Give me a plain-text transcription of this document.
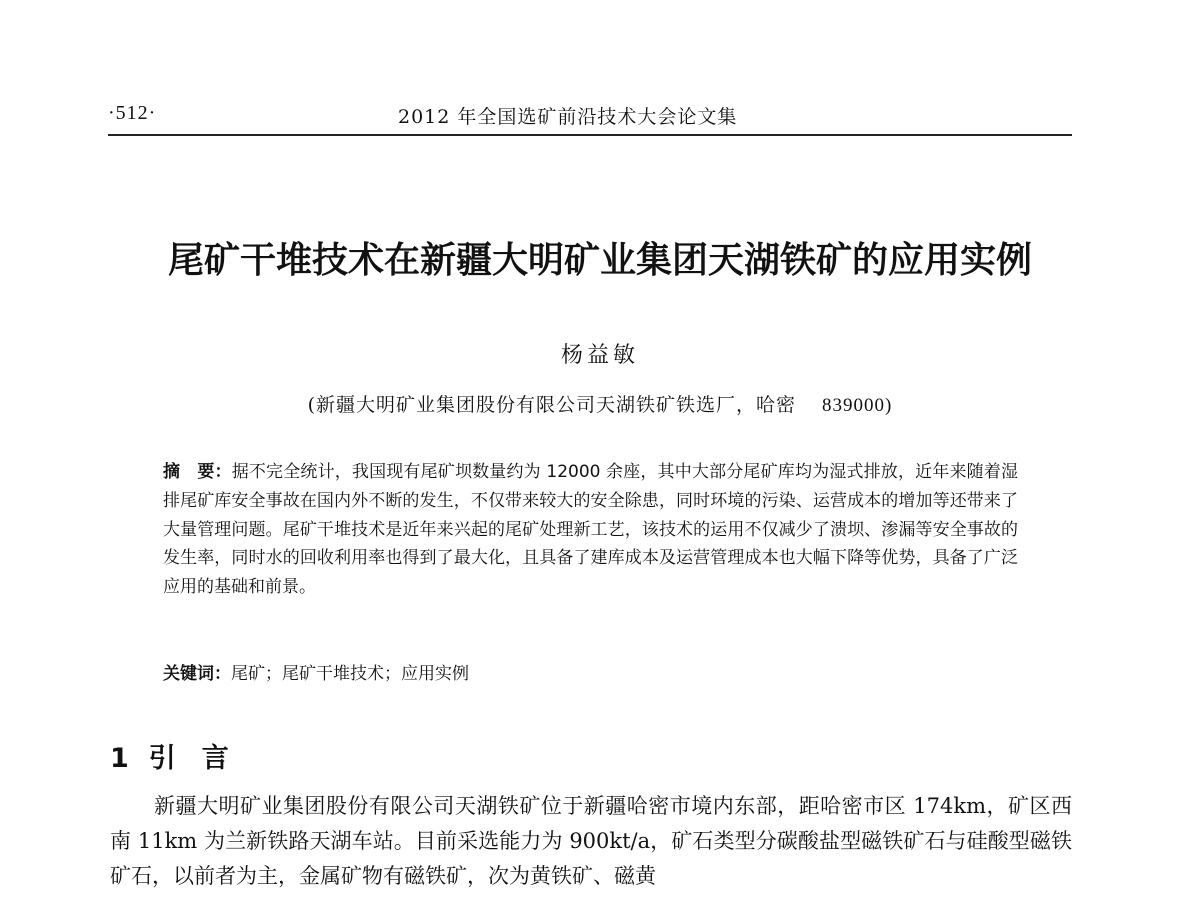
·512·	2012 年全国选矿前沿技术大会论文集
尾矿干堆技术在新疆大明矿业集团天湖铁矿的应用实例
杨益敏
(新疆大明矿业集团股份有限公司天湖铁矿铁选厂，哈密 839000)
摘　要：据不完全统计，我国现有尾矿坝数量约为 12000 余座，其中大部分尾矿库均为湿式排放，近年来随着湿排尾矿库安全事故在国内外不断的发生，不仅带来较大的安全除患，同时环境的污染、运营成本的增加等还带来了大量管理问题。尾矿干堆技术是近年来兴起的尾矿处理新工艺，该技术的运用不仅减少了溃坝、渗漏等安全事故的发生率，同时水的回收利用率也得到了最大化，且具备了建库成本及运营管理成本也大幅下降等优势，具备了广泛应用的基础和前景。
关键词：尾矿；尾矿干堆技术；应用实例
1 引言
新疆大明矿业集团股份有限公司天湖铁矿位于新疆哈密市境内东部，距哈密市区 174km，矿区西南 11km 为兰新铁路天湖车站。目前采选能力为 900kt/a，矿石类型分碳酸盐型磁铁矿石与硅酸型磁铁矿石，以前者为主，金属矿物有磁铁矿，次为黄铁矿、磁黄
